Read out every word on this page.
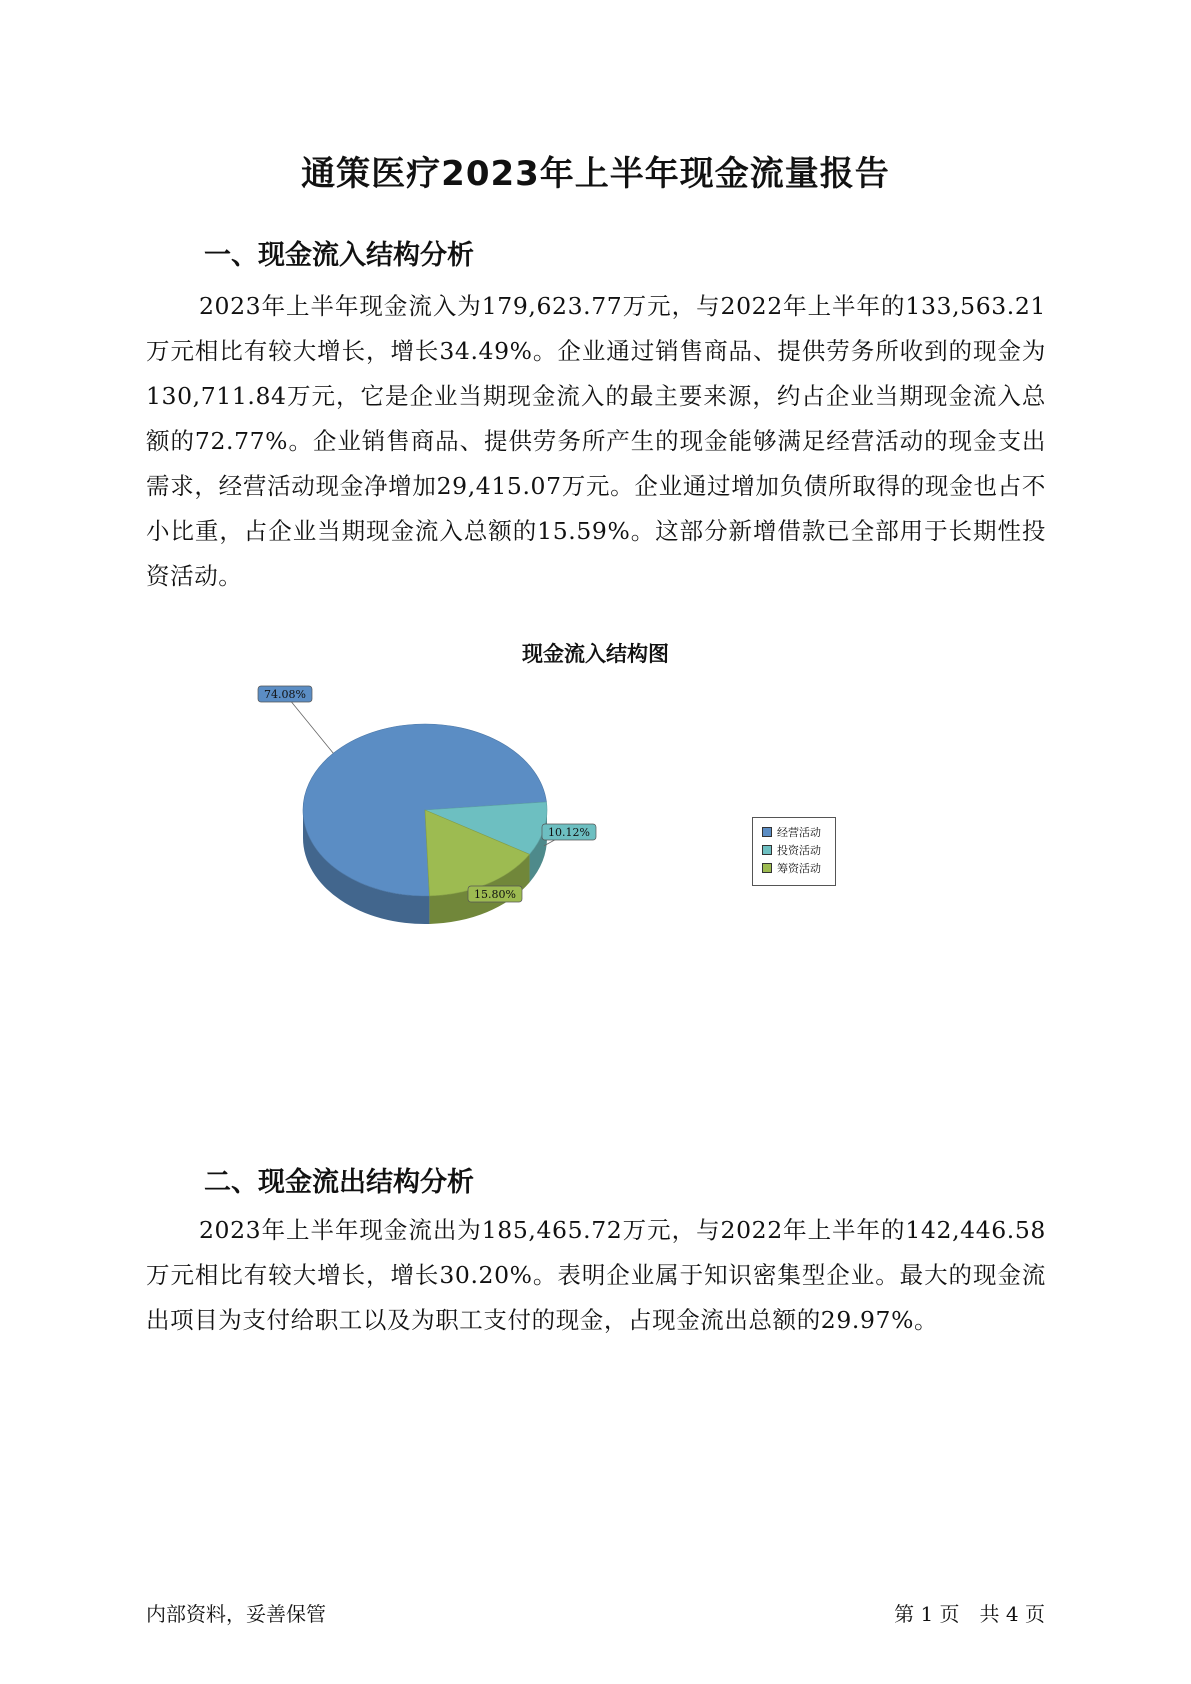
通策医疗2023年上半年现金流量报告
一、现金流入结构分析

2023年上半年现金流入为179,623.77万元，与2022年上半年的133,563.21万元相比有较大增长，增长34.49%。企业通过销售商品、提供劳务所收到的现金为130,711.84万元，它是企业当期现金流入的最主要来源，约占企业当期现金流入总额的72.77%。企业销售商品、提供劳务所产生的现金能够满足经营活动的现金支出需求，经营活动现金净增加29,415.07万元。企业通过增加负债所取得的现金也占不小比重，占企业当期现金流入总额的15.59%。这部分新增借款已全部用于长期性投资活动。

现金流入结构图
74.08%
10.12%
15.80%
经营活动
投资活动
筹资活动
二、现金流出结构分析

2023年上半年现金流出为185,465.72万元，与2022年上半年的142,446.58万元相比有较大增长，增长30.20%。表明企业属于知识密集型企业。最大的现金流出项目为支付给职工以及为职工支付的现金，占现金流出总额的29.97%。

内部资料，妥善保管	第 1 页　共 4 页
